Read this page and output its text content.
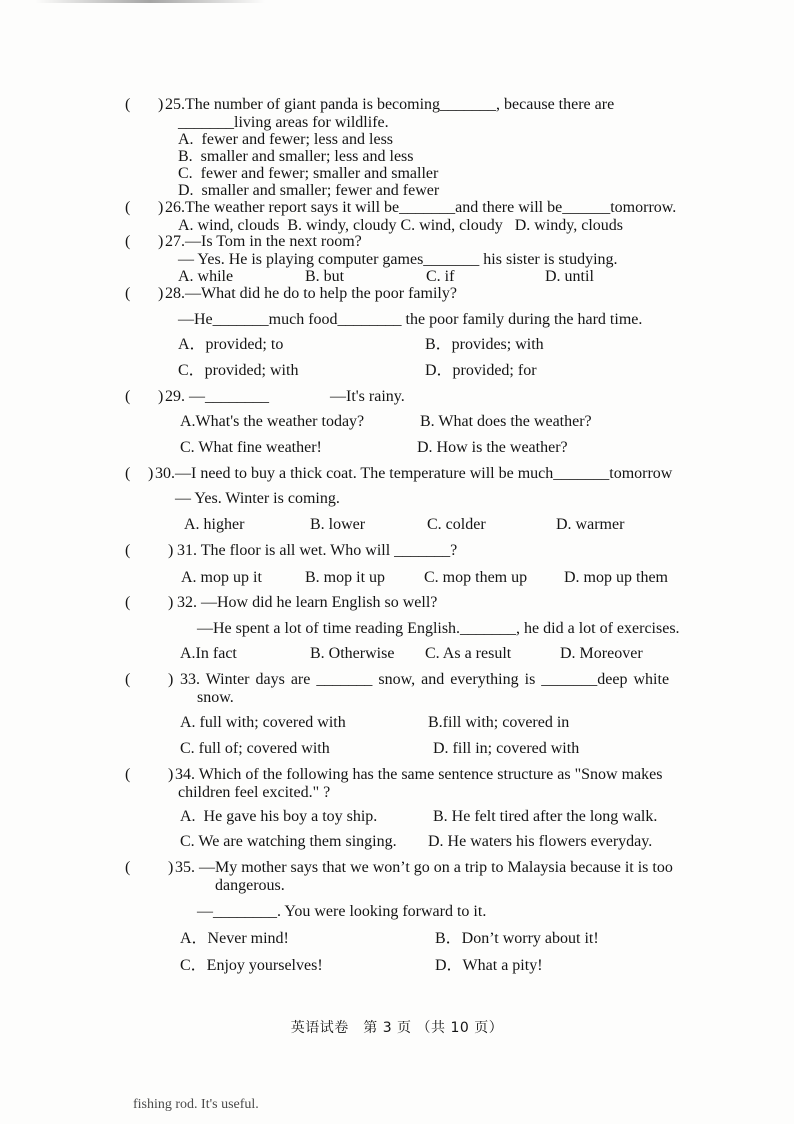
( ) 25.The number of giant panda is becoming_______, because there are
_______living areas for wildlife.
A.  fewer and fewer; less and less
B.  smaller and smaller; less and less
C.  fewer and fewer; smaller and smaller
D.  smaller and smaller; fewer and fewer
( ) 26.The weather report says it will be_______and there will be______tomorrow.
A. wind, clouds  B. windy, cloudy C. wind, cloudy   D. windy, clouds
( ) 27.—Is Tom in the next room?
— Yes. He is playing computer games_______ his sister is studying.
A. while	B. but	C. if	D. until
( ) 28.—What did he do to help the poor family?
—He_______much food________ the poor family during the hard time.
A．provided; to	B．provides; with
C．provided; with	D．provided; for
( ) 29. —________	—It's rainy.
A.What's the weather today?	B. What does the weather?
C. What fine weather!	D. How is the weather?
( ) 30.—I need to buy a thick coat. The temperature will be much_______tomorrow
— Yes. Winter is coming.
A. higher	B. lower	C. colder	D. warmer
( ) 31. The floor is all wet. Who will _______?
A. mop up it	B. mop it up C. mop them up D. mop up them
( ) 32. —How did he learn English so well?
—He spent a lot of time reading English._______, he did a lot of exercises.
A.In fact	B. Otherwise C. As a result	D. Moreover
( ) 33. Winter days are _______ snow, and everything is _______deep white
snow.
A. full with; covered with	B.fill with; covered in
C. full of; covered with	D. fill in; covered with
( ) 34. Which of the following has the same sentence structure as "Snow makes
children feel excited." ?
A.  He gave his boy a toy ship.	B. He felt tired after the long walk.
C. We are watching them singing. D. He waters his flowers everyday.
( ) 35. —My mother says that we won’t go on a trip to Malaysia because it is too
dangerous.
—________. You were looking forward to it.
A．Never mind!	B．Don’t worry about it!
C．Enjoy yourselves!	D．What a pity!
英语试卷　第 3 页 （共 10 页）
fishing rod. It's useful.
